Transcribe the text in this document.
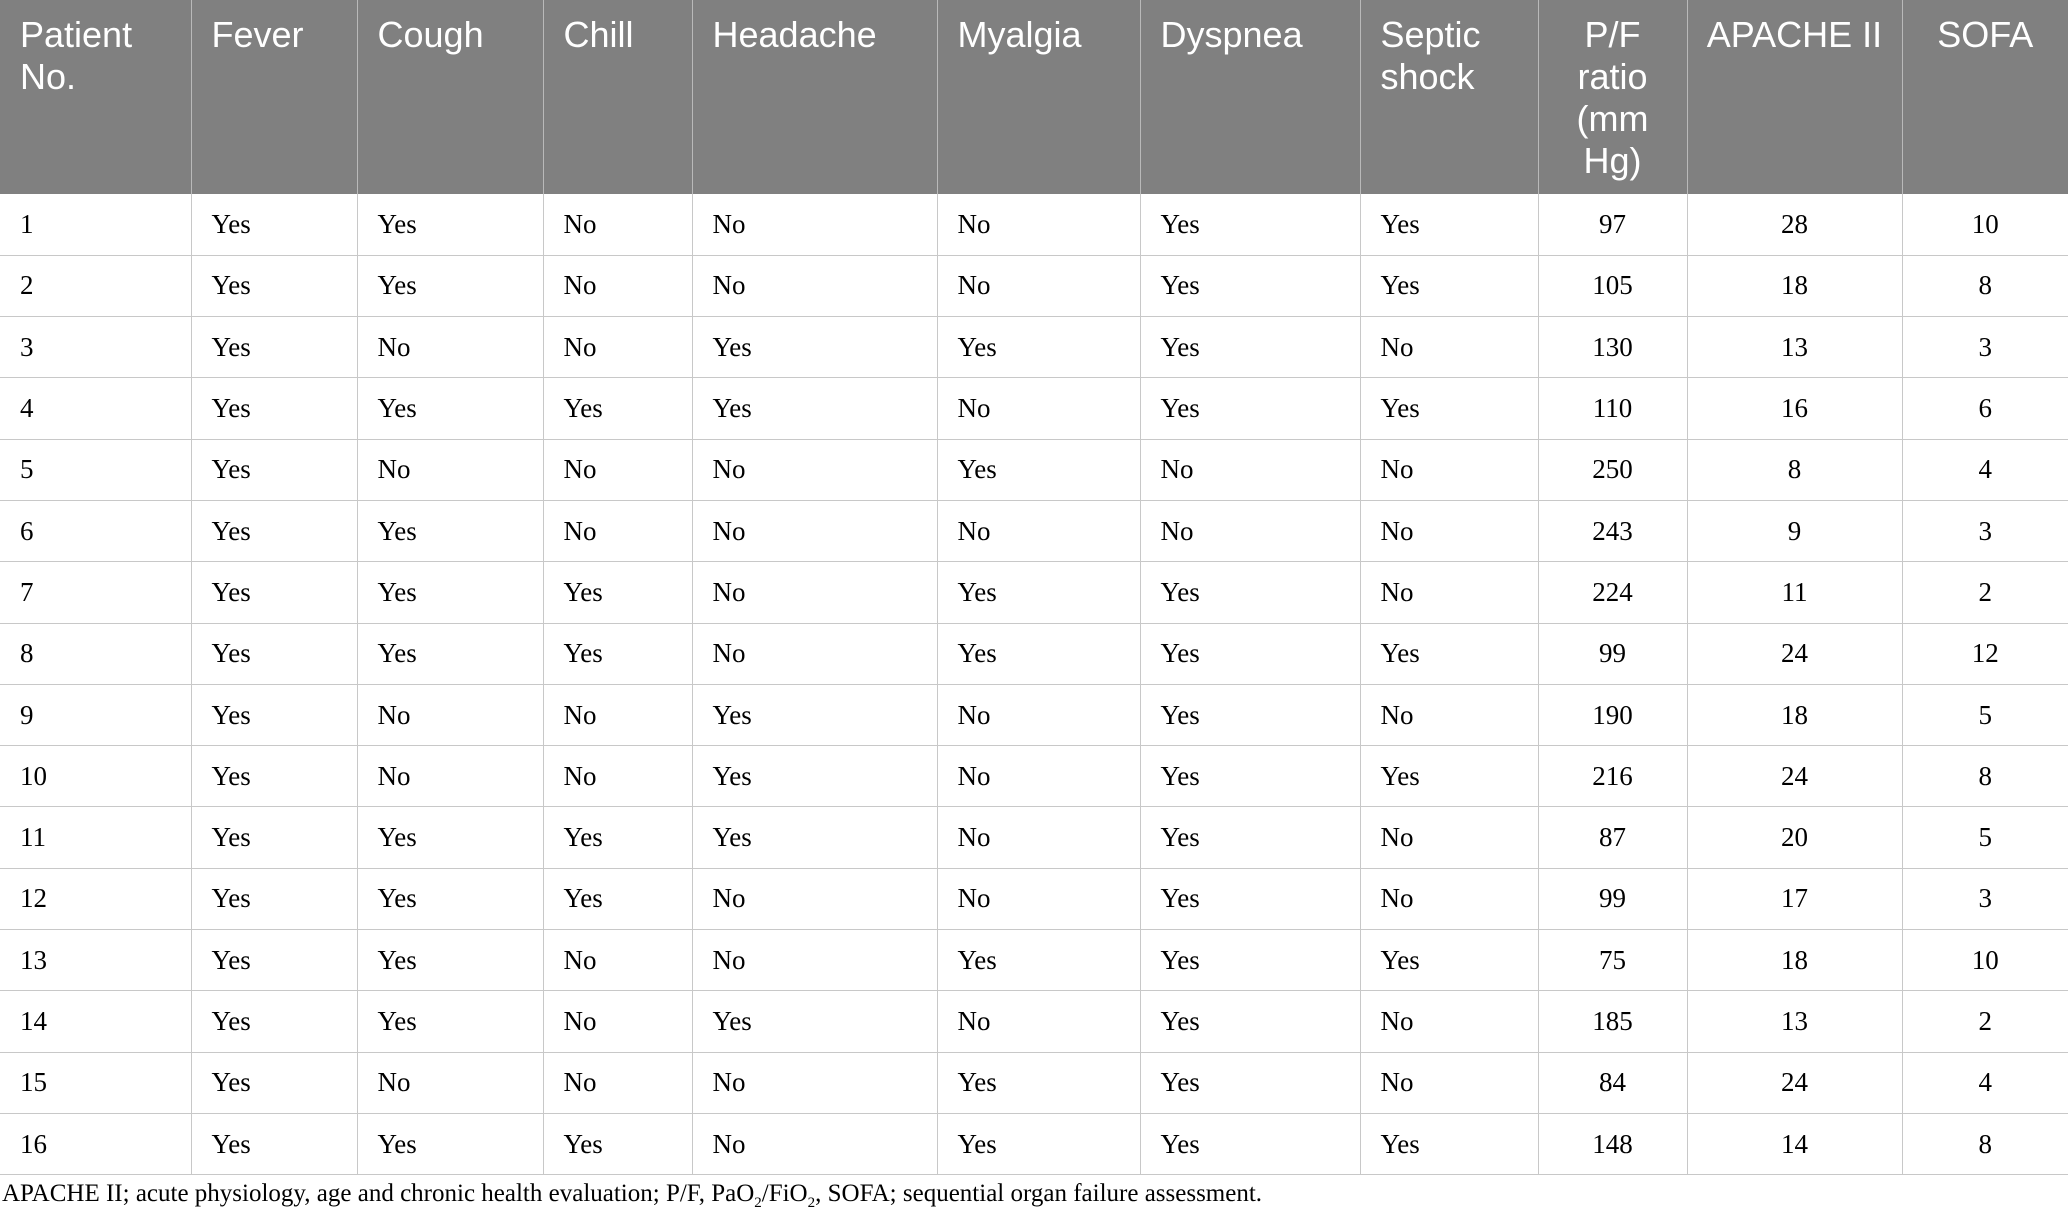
Patient No.	Fever	Cough	Chill	Headache	Myalgia	Dyspnea	Septic shock	P/F ratio (mm Hg)	APACHE II	SOFA
1	Yes	Yes	No	No	No	Yes	Yes	97	28	10
2	Yes	Yes	No	No	No	Yes	Yes	105	18	8
3	Yes	No	No	Yes	Yes	Yes	No	130	13	3
4	Yes	Yes	Yes	Yes	No	Yes	Yes	110	16	6
5	Yes	No	No	No	Yes	No	No	250	8	4
6	Yes	Yes	No	No	No	No	No	243	9	3
7	Yes	Yes	Yes	No	Yes	Yes	No	224	11	2
8	Yes	Yes	Yes	No	Yes	Yes	Yes	99	24	12
9	Yes	No	No	Yes	No	Yes	No	190	18	5
10	Yes	No	No	Yes	No	Yes	Yes	216	24	8
11	Yes	Yes	Yes	Yes	No	Yes	No	87	20	5
12	Yes	Yes	Yes	No	No	Yes	No	99	17	3
13	Yes	Yes	No	No	Yes	Yes	Yes	75	18	10
14	Yes	Yes	No	Yes	No	Yes	No	185	13	2
15	Yes	No	No	No	Yes	Yes	No	84	24	4
16	Yes	Yes	Yes	No	Yes	Yes	Yes	148	14	8
APACHE II; acute physiology, age and chronic health evaluation; P/F, PaO$_2$/FiO$_2$, SOFA; sequential organ failure assessment.
